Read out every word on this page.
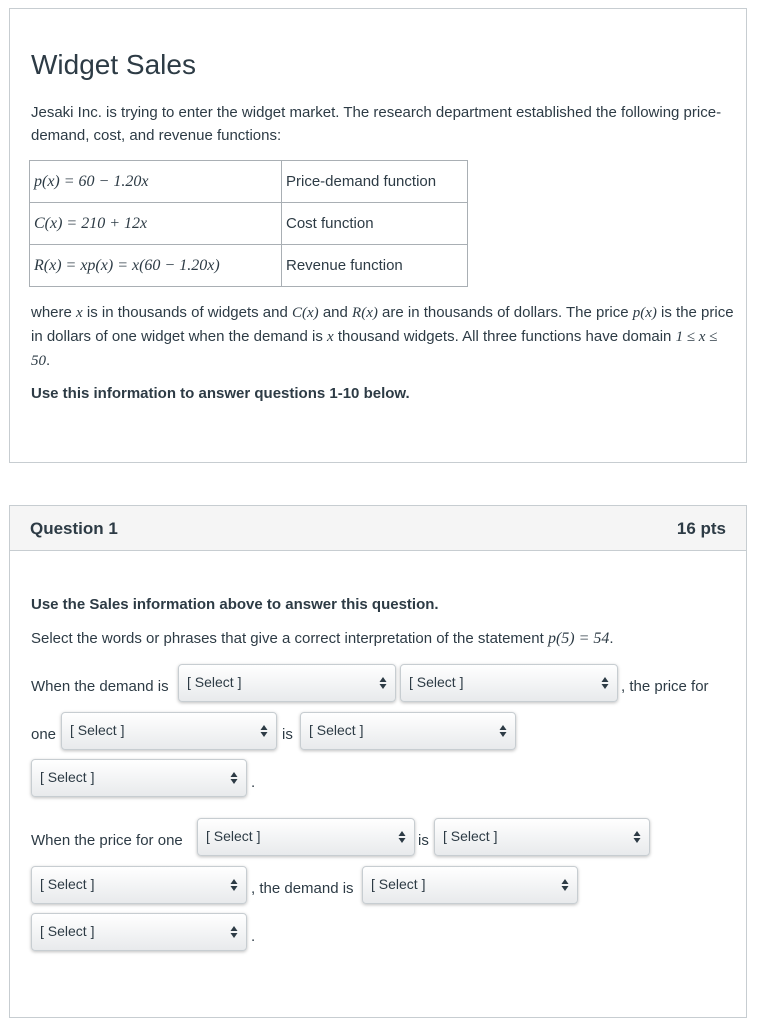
Widget Sales

Jesaki Inc. is trying to enter the widget market. The research department established the following price-demand, cost, and revenue functions:

p(x) = 60 − 1.20x	Price-demand function
C(x) = 210 + 12x	Cost function
R(x) = xp(x) = x(60 − 1.20x)	Revenue function

where x is in thousands of widgets and C(x) and R(x) are in thousands of dollars. The price p(x) is the price in dollars of one widget when the demand is x thousand widgets. All three functions have domain 1 ≤ x ≤ 50.

Use this information to answer questions 1-10 below.

Question 1	16 pts
Use the Sales information above to answer this question.
Select the words or phrases that give a correct interpretation of the statement p(5) = 54.
When the demand is [ Select ]	[ Select ]	, the price for
one [ Select ]	is [ Select ]
[ Select ]	.
When the price for one [ Select ]	is [ Select ]
[ Select ]	, the demand is [ Select ]
[ Select ]	.
